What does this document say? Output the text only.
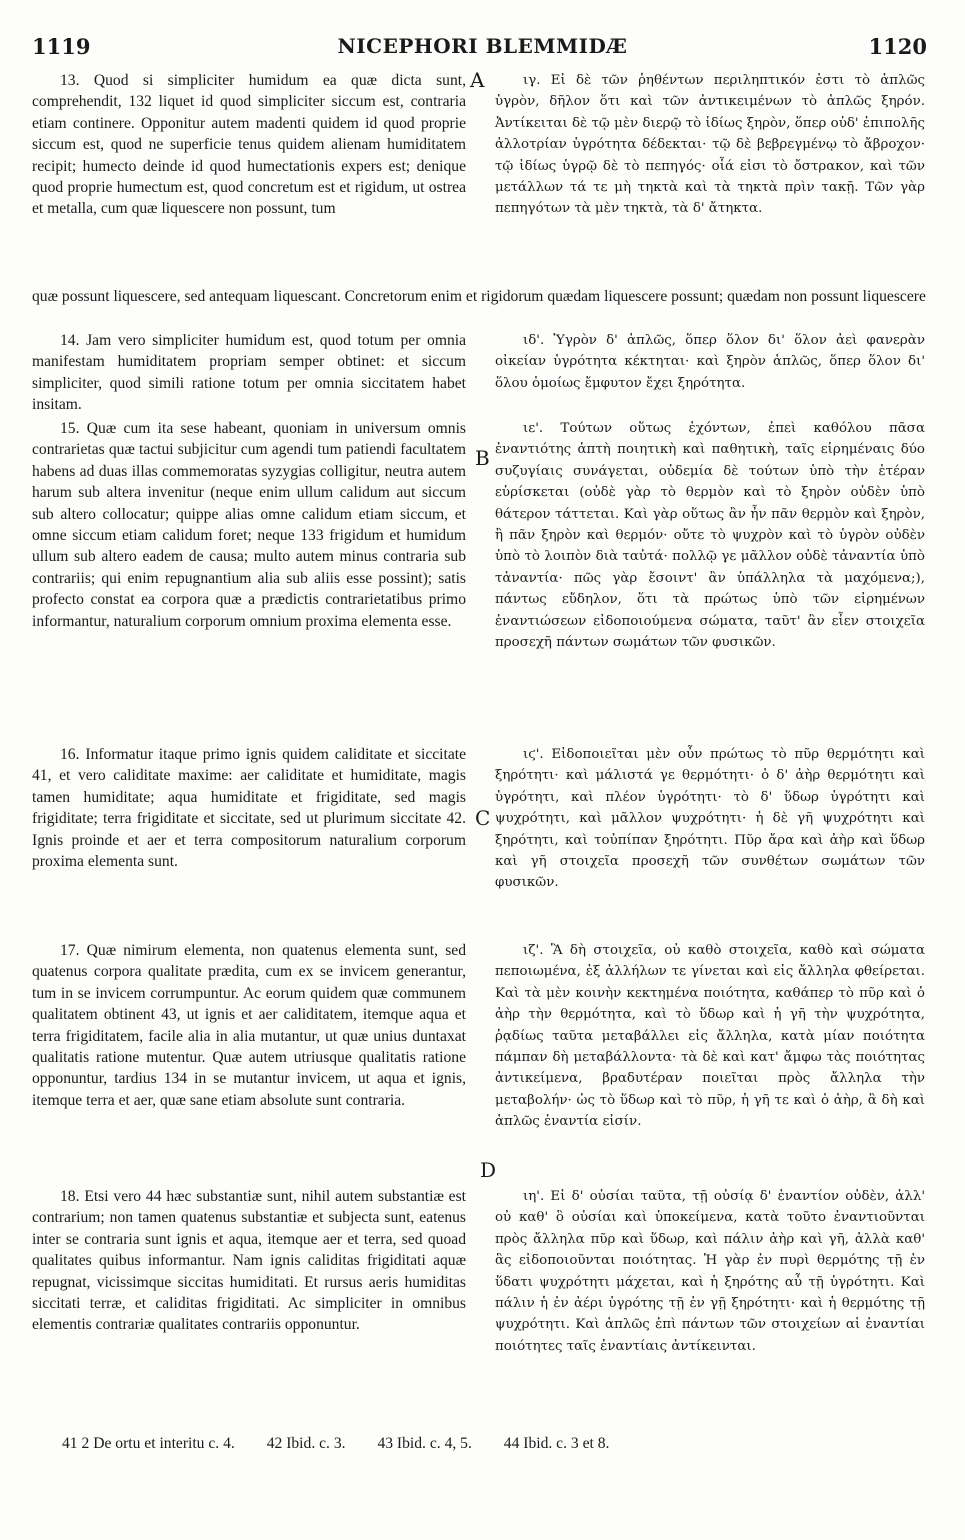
1119	NICEPHORI BLEMMIDÆ	1120
A
B
C
D

13. Quod si simpliciter humidum ea quæ dicta sunt, comprehendit, 132 liquet id quod simpliciter siccum est, contraria etiam continere. Opponitur autem madenti quidem id quod proprie siccum est, quod ne superficie tenus quidem alienam humiditatem recipit; humecto deinde id quod humectationis expers est; denique quod proprie humectum est, quod concretum est et rigidum, ut ostrea et metalla, cum quæ liquescere non possunt, tum

quæ possunt liquescere, sed antequam liquescant. Concretorum enim et rigidorum quædam liquescere possunt; quædam non possunt liquescere

14. Jam vero simpliciter humidum est, quod totum per omnia manifestam humiditatem propriam semper obtinet: et siccum simpliciter, quod simili ratione totum per omnia siccitatem habet insitam.

15. Quæ cum ita sese habeant, quoniam in universum omnis contrarietas quæ tactui subjicitur cum agendi tum patiendi facultatem habens ad duas illas commemoratas syzygias colligitur, neutra autem harum sub altera invenitur (neque enim ullum calidum aut siccum sub altero collocatur; quippe alias omne calidum etiam siccum, et omne siccum etiam calidum foret; neque 133 frigidum et humidum ullum sub altero eadem de causa; multo autem minus contraria sub contrariis; qui enim repugnantium alia sub aliis esse possint); satis profecto constat ea corpora quæ a prædictis contrarietatibus primo informantur, naturalium corporum omnium proxima elementa esse.

16. Informatur itaque primo ignis quidem caliditate et siccitate 41, et vero caliditate maxime: aer caliditate et humiditate, magis tamen humiditate; aqua humiditate et frigiditate, sed magis frigiditate; terra frigiditate et siccitate, sed ut plurimum siccitate 42. Ignis proinde et aer et terra compositorum naturalium corporum proxima elementa sunt.

17. Quæ nimirum elementa, non quatenus elementa sunt, sed quatenus corpora qualitate prædita, cum ex se invicem generantur, tum in se invicem corrumpuntur. Ac eorum quidem quæ communem qualitatem obtinent 43, ut ignis et aer caliditatem, itemque aqua et terra frigiditatem, facile alia in alia mutantur, ut quæ unius duntaxat qualitatis ratione mutentur. Quæ autem utriusque qualitatis ratione opponuntur, tardius 134 in se mutantur invicem, ut aqua et ignis, itemque terra et aer, quæ sane etiam absolute sunt contraria.

18. Etsi vero 44 hæc substantiæ sunt, nihil autem substantiæ est contrarium; non tamen quatenus substantiæ et subjecta sunt, eatenus inter se contraria sunt ignis et aqua, itemque aer et terra, sed quoad qualitates quibus informantur. Nam ignis caliditas frigiditati aquæ repugnat, vicissimque siccitas humiditati. Et rursus aeris humiditas siccitati terræ, et caliditas frigiditati. Ac simpliciter in omnibus elementis contrariæ qualitates contrariis opponuntur.

ιγ. Εἰ δὲ τῶν ῥηθέντων περιληπτικόν ἐστι τὸ ἁπλῶς ὑγρὸν, δῆλον ὅτι καὶ τῶν ἀντικειμένων τὸ ἁπλῶς ξηρόν. Ἀντίκειται δὲ τῷ μὲν διερῷ τὸ ἰδίως ξηρὸν, ὅπερ οὐδ' ἐπιπολῆς ἀλλοτρίαν ὑγρότητα δέδεκται· τῷ δὲ βεβρεγμένῳ τὸ ἄβροχον· τῷ ἰδίως ὑγρῷ δὲ τὸ πεπηγός· οἷά εἰσι τὸ ὄστρακον, καὶ τῶν μετάλλων τά τε μὴ τηκτὰ καὶ τὰ τηκτὰ πρὶν τακῇ. Τῶν γὰρ πεπηγότων τὰ μὲν τηκτὰ, τὰ δ' ἄτηκτα.

ιδ'. Ὑγρὸν δ' ἁπλῶς, ὅπερ ὅλον δι' ὅλον ἀεὶ φανερὰν οἰκείαν ὑγρότητα κέκτηται· καὶ ξηρὸν ἁπλῶς, ὅπερ ὅλον δι' ὅλου ὁμοίως ἔμφυτον ἔχει ξηρότητα.

ιε'. Τούτων οὕτως ἐχόντων, ἐπεὶ καθόλου πᾶσα ἐναντιότης ἁπτὴ ποιητικὴ καὶ παθητικὴ, ταῖς εἰρημέναις δύο συζυγίαις συνάγεται, οὐδεμία δὲ τούτων ὑπὸ τὴν ἑτέραν εὑρίσκεται (οὐδὲ γὰρ τὸ θερμὸν καὶ τὸ ξηρὸν οὐδὲν ὑπὸ θάτερον τάττεται. Καὶ γὰρ οὕτως ἂν ἦν πᾶν θερμὸν καὶ ξηρὸν, ἢ πᾶν ξηρὸν καὶ θερμόν· οὔτε τὸ ψυχρὸν καὶ τὸ ὑγρὸν οὐδὲν ὑπὸ τὸ λοιπὸν διὰ ταὐτά· πολλῷ γε μᾶλλον οὐδὲ τἀναντία ὑπὸ τἀναντία· πῶς γὰρ ἔσοιντ' ἂν ὑπάλληλα τὰ μαχόμενα;), πάντως εὔδηλον, ὅτι τὰ πρώτως ὑπὸ τῶν εἰρημένων ἐναντιώσεων εἰδοποιούμενα σώματα, ταῦτ' ἂν εἶεν στοιχεῖα προσεχῆ πάντων σωμάτων τῶν φυσικῶν.

ιϛ'. Εἰδοποιεῖται μὲν οὖν πρώτως τὸ πῦρ θερμότητι καὶ ξηρότητι· καὶ μάλιστά γε θερμότητι· ὁ δ' ἀὴρ θερμότητι καὶ ὑγρότητι, καὶ πλέον ὑγρότητι· τὸ δ' ὕδωρ ὑγρότητι καὶ ψυχρότητι, καὶ μᾶλλον ψυχρότητι· ἡ δὲ γῆ ψυχρότητι καὶ ξηρότητι, καὶ τοὐπίπαν ξηρότητι. Πῦρ ἄρα καὶ ἀὴρ καὶ ὕδωρ καὶ γῆ στοιχεῖα προσεχῆ τῶν συνθέτων σωμάτων τῶν φυσικῶν.

ιζ'. Ἃ δὴ στοιχεῖα, οὐ καθὸ στοιχεῖα, καθὸ καὶ σώματα πεποιωμένα, ἐξ ἀλλήλων τε γίνεται καὶ εἰς ἄλληλα φθείρεται. Καὶ τὰ μὲν κοινὴν κεκτημένα ποιότητα, καθάπερ τὸ πῦρ καὶ ὁ ἀὴρ τὴν θερμότητα, καὶ τὸ ὕδωρ καὶ ἡ γῆ τὴν ψυχρότητα, ῥᾳδίως ταῦτα μεταβάλλει εἰς ἄλληλα, κατὰ μίαν ποιότητα πάμπαν δὴ μεταβάλλοντα· τὰ δὲ καὶ κατ' ἄμφω τὰς ποιότητας ἀντικείμενα, βραδυτέραν ποιεῖται πρὸς ἄλληλα τὴν μεταβολήν· ὡς τὸ ὕδωρ καὶ τὸ πῦρ, ἡ γῆ τε καὶ ὁ ἀὴρ, ἃ δὴ καὶ ἁπλῶς ἐναντία εἰσίν.

ιη'. Εἰ δ' οὐσίαι ταῦτα, τῇ οὐσίᾳ δ' ἐναντίον οὐδὲν, ἀλλ' οὐ καθ' ὃ οὐσίαι καὶ ὑποκείμενα, κατὰ τοῦτο ἐναντιοῦνται πρὸς ἄλληλα πῦρ καὶ ὕδωρ, καὶ πάλιν ἀὴρ καὶ γῆ, ἀλλὰ καθ' ἃς εἰδοποιοῦνται ποιότητας. Ἡ γὰρ ἐν πυρὶ θερμότης τῇ ἐν ὕδατι ψυχρότητι μάχεται, καὶ ἡ ξηρότης αὖ τῇ ὑγρότητι. Καὶ πάλιν ἡ ἐν ἀέρι ὑγρότης τῇ ἐν γῇ ξηρότητι· καὶ ἡ θερμότης τῇ ψυχρότητι. Καὶ ἁπλῶς ἐπὶ πάντων τῶν στοιχείων αἱ ἐναντίαι ποιότητες ταῖς ἐναντίαις ἀντίκεινται.

41 2 De ortu et interitu c. 4. 42 Ibid. c. 3. 43 Ibid. c. 4, 5. 44 Ibid. c. 3 et 8.
